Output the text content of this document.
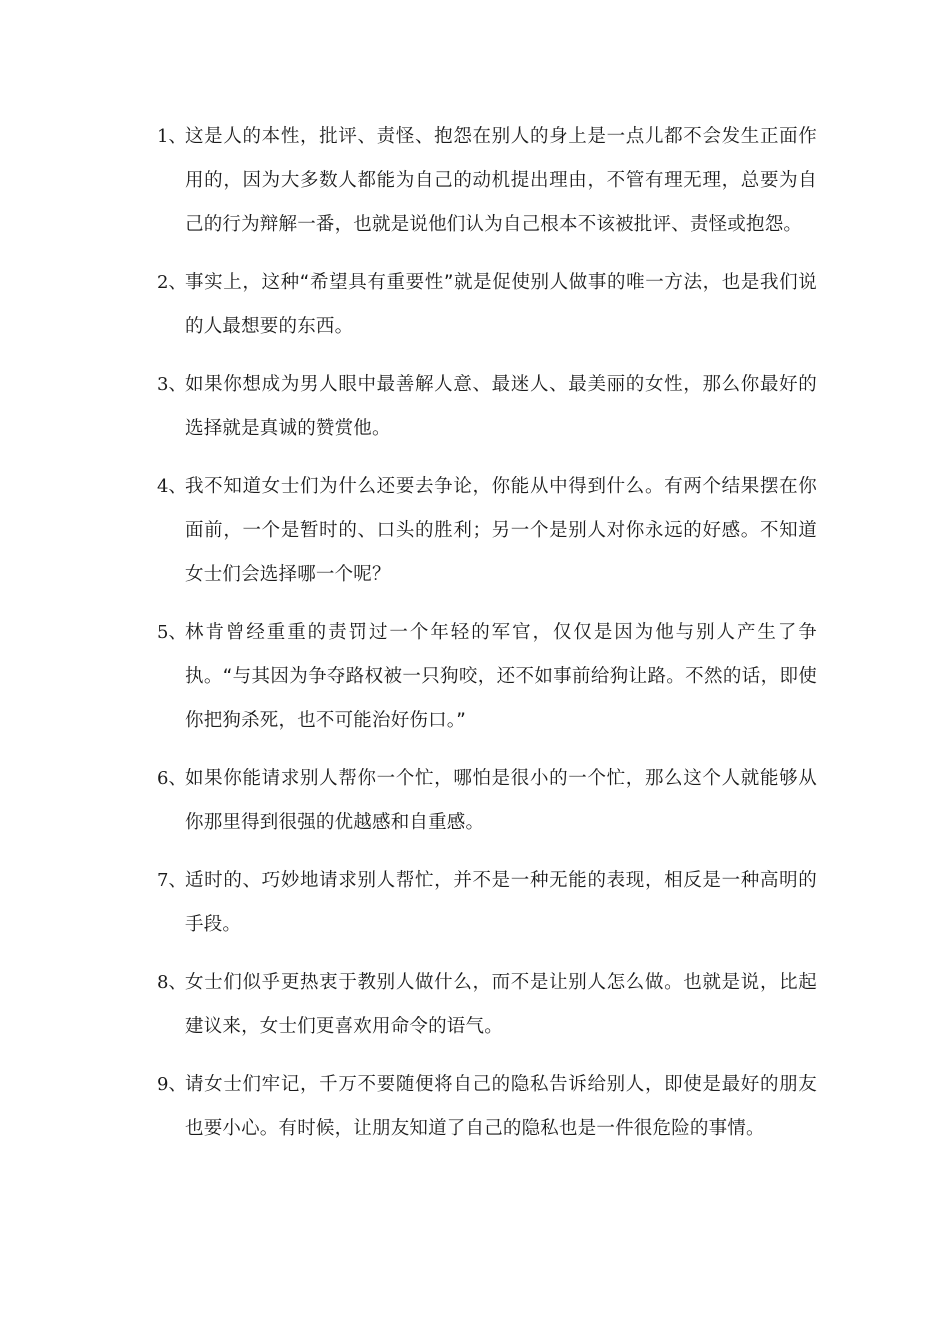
1、
这是人的本性，批评、责怪、抱怨在别人的身上是一点儿都不会发生正面作用的，因为大多数人都能为自己的动机提出理由，不管有理无理，总要为自己的行为辩解一番，也就是说他们认为自己根本不该被批评、责怪或抱怨。
2、
事实上，这种“希望具有重要性”就是促使别人做事的唯一方法，也是我们说的人最想要的东西。
3、
如果你想成为男人眼中最善解人意、最迷人、最美丽的女性，那么你最好的选择就是真诚的赞赏他。
4、
我不知道女士们为什么还要去争论，你能从中得到什么。有两个结果摆在你面前，一个是暂时的、口头的胜利；另一个是别人对你永远的好感。不知道女士们会选择哪一个呢？
5、
林肯曾经重重的责罚过一个年轻的军官，仅仅是因为他与别人产生了争执。“与其因为争夺路权被一只狗咬，还不如事前给狗让路。不然的话，即使你把狗杀死，也不可能治好伤口。”
6、
如果你能请求别人帮你一个忙，哪怕是很小的一个忙，那么这个人就能够从你那里得到很强的优越感和自重感。
7、
适时的、巧妙地请求别人帮忙，并不是一种无能的表现，相反是一种高明的手段。
8、
女士们似乎更热衷于教别人做什么，而不是让别人怎么做。也就是说，比起建议来，女士们更喜欢用命令的语气。
9、
请女士们牢记，千万不要随便将自己的隐私告诉给别人，即使是最好的朋友也要小心。有时候，让朋友知道了自己的隐私也是一件很危险的事情。
